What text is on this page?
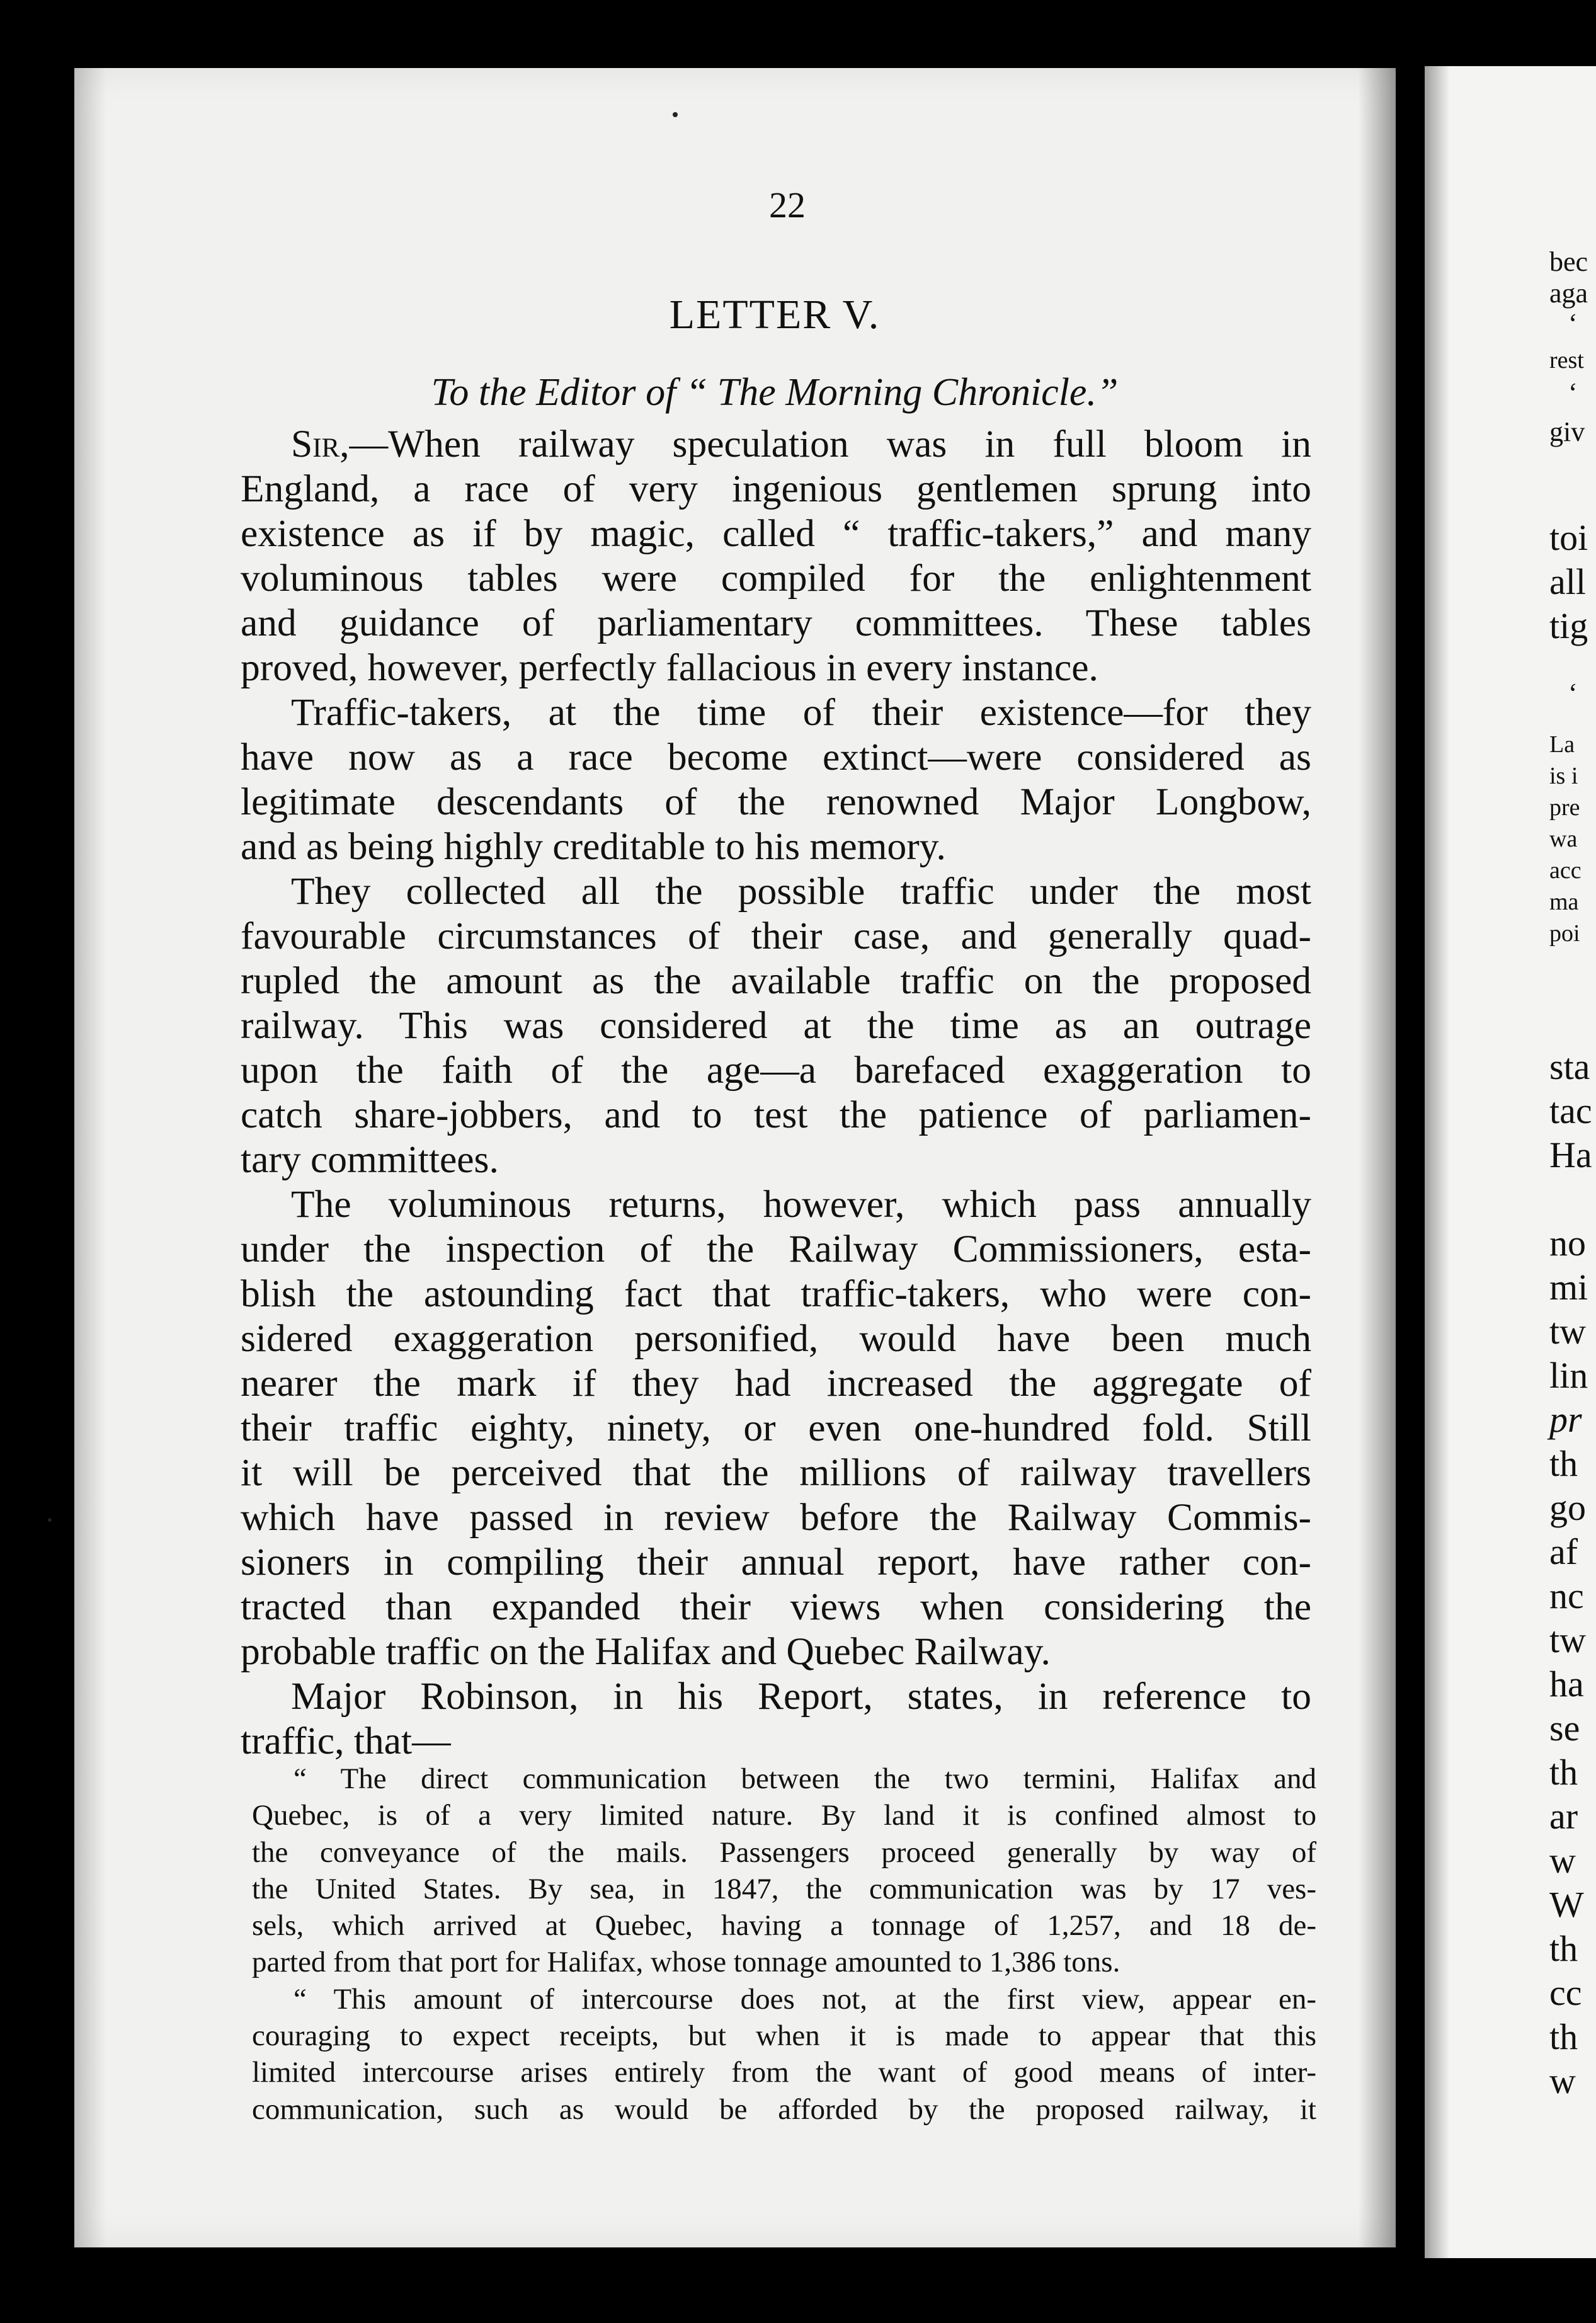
22
LETTER V.
To the Editor of “ The Morning Chronicle.”
Sir,—When railway speculation was in full bloom in
England, a race of very ingenious gentlemen sprung into
existence as if by magic, called “ traffic-takers,” and many
voluminous tables were compiled for the enlightenment
and guidance of parliamentary committees. These tables
proved, however, perfectly fallacious in every instance.
Traffic-takers, at the time of their existence—for they
have now as a race become extinct—were considered as
legitimate descendants of the renowned Major Longbow,
and as being highly creditable to his memory.
They collected all the possible traffic under the most
favourable circumstances of their case, and generally quad-
rupled the amount as the available traffic on the proposed
railway. This was considered at the time as an outrage
upon the faith of the age—a barefaced exaggeration to
catch share-jobbers, and to test the patience of parliamen-
tary committees.
The voluminous returns, however, which pass annually
under the inspection of the Railway Commissioners, esta-
blish the astounding fact that traffic-takers, who were con-
sidered exaggeration personified, would have been much
nearer the mark if they had increased the aggregate of
their traffic eighty, ninety, or even one-hundred fold. Still
it will be perceived that the millions of railway travellers
which have passed in review before the Railway Commis-
sioners in compiling their annual report, have rather con-
tracted than expanded their views when considering the
probable traffic on the Halifax and Quebec Railway.
Major Robinson, in his Report, states, in reference to
traffic, that—
“ The direct communication between the two termini, Halifax and
Quebec, is of a very limited nature. By land it is confined almost to
the conveyance of the mails. Passengers proceed generally by way of
the United States. By sea, in 1847, the communication was by 17 ves-
sels, which arrived at Quebec, having a tonnage of 1,257, and 18 de-
parted from that port for Halifax, whose tonnage amounted to 1,386 tons.
“ This amount of intercourse does not, at the first view, appear en-
couraging to expect receipts, but when it is made to appear that this
limited intercourse arises entirely from the want of good means of inter-
communication, such as would be afforded by the proposed railway, it
bec
aga
‘
rest
‘
giv
toi
all
tig
‘
La
is i
pre
wa
acc
ma
poi
sta
tac
Ha
no
mi
tw
lin
pr
th
go
af
nc
tw
ha
se
th
ar
w
W
th
cc
th
w
